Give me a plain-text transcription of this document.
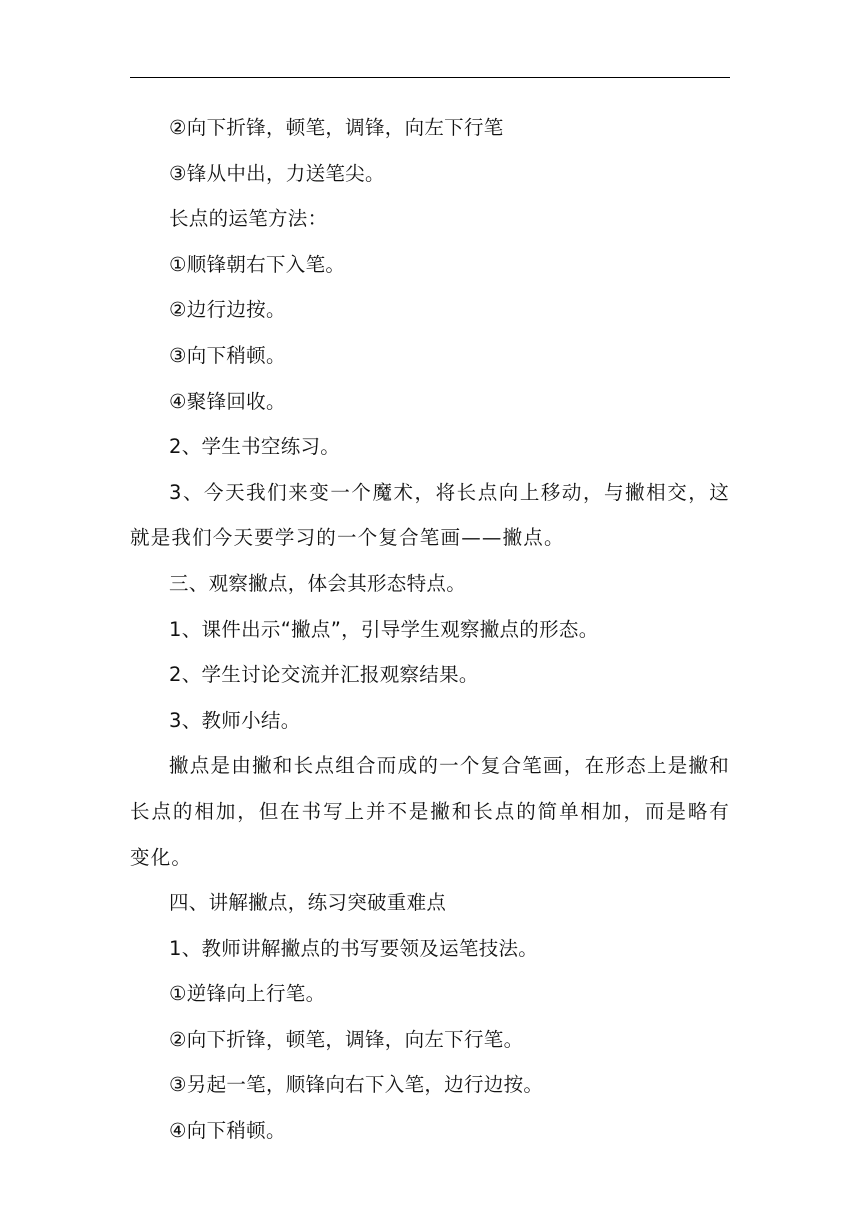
②向下折锋，顿笔，调锋，向左下行笔

③锋从中出，力送笔尖。

长点的运笔方法：

①顺锋朝右下入笔。

②边行边按。

③向下稍顿。

④聚锋回收。

2、学生书空练习。

3、今天我们来变一个魔术，将长点向上移动，与撇相交，这就是我们今天要学习的一个复合笔画——撇点。

三、观察撇点，体会其形态特点。

1、课件出示“撇点”，引导学生观察撇点的形态。

2、学生讨论交流并汇报观察结果。

3、教师小结。

撇点是由撇和长点组合而成的一个复合笔画，在形态上是撇和长点的相加，但在书写上并不是撇和长点的简单相加，而是略有变化。

四、讲解撇点，练习突破重难点

1、教师讲解撇点的书写要领及运笔技法。

①逆锋向上行笔。

②向下折锋，顿笔，调锋，向左下行笔。

③另起一笔，顺锋向右下入笔，边行边按。

④向下稍顿。
